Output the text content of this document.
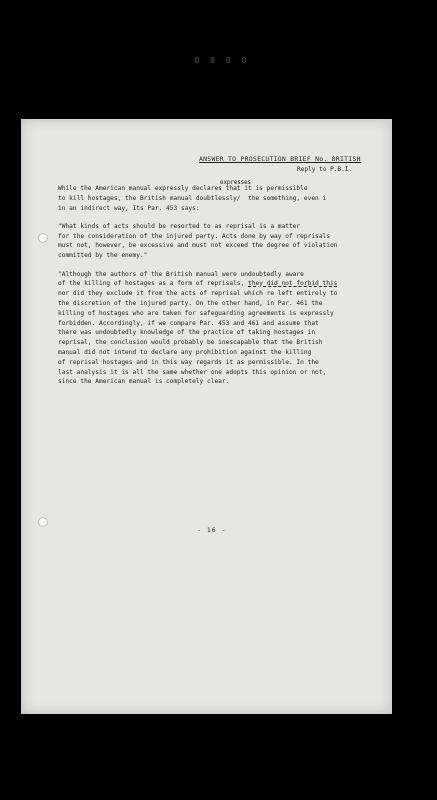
0 0 0 0
ANSWER TO PROSECUTION BRIEF No. BRITISH
Reply to P.B.I.
expresses
While the American manual expressly declares that it is permissible
to kill hostages, the British manual doubtlessly/  the something, even i
in an indirect way, Its Par. 453 says:
"What kinds of acts should be resorted to as reprisal is a matter
for the consideration of the injured party. Acts done by way of reprisals
must not, however, be excessive and must not exceed the degree of violation
committed by the enemy."
"Although the authors of the British manual were undoubtedly aware
of the killing of hostages as a form of reprisals, they did not forbid this
nor did they exclude it from the acts of reprisal which re left entirely to
the discretion of the injured party. On the other hand, in Par. 461 the
killing of hostages who are taken for safeguarding agreements is expressly
forbidden. Accordingly, if we compare Par. 453 and 461 and assume that
there was undoubtedly knowledge of the practice of taking hostages in
reprisal, the conclusion would probably be inescapable that the British
manual did not intend to declare any prohibition against the killing
of reprisal hostages and in this way regards it as permissible. In the
last analysis it is all the same whether one adopts this opinion or not,
since the American manual is completely clear.
- 16 -
